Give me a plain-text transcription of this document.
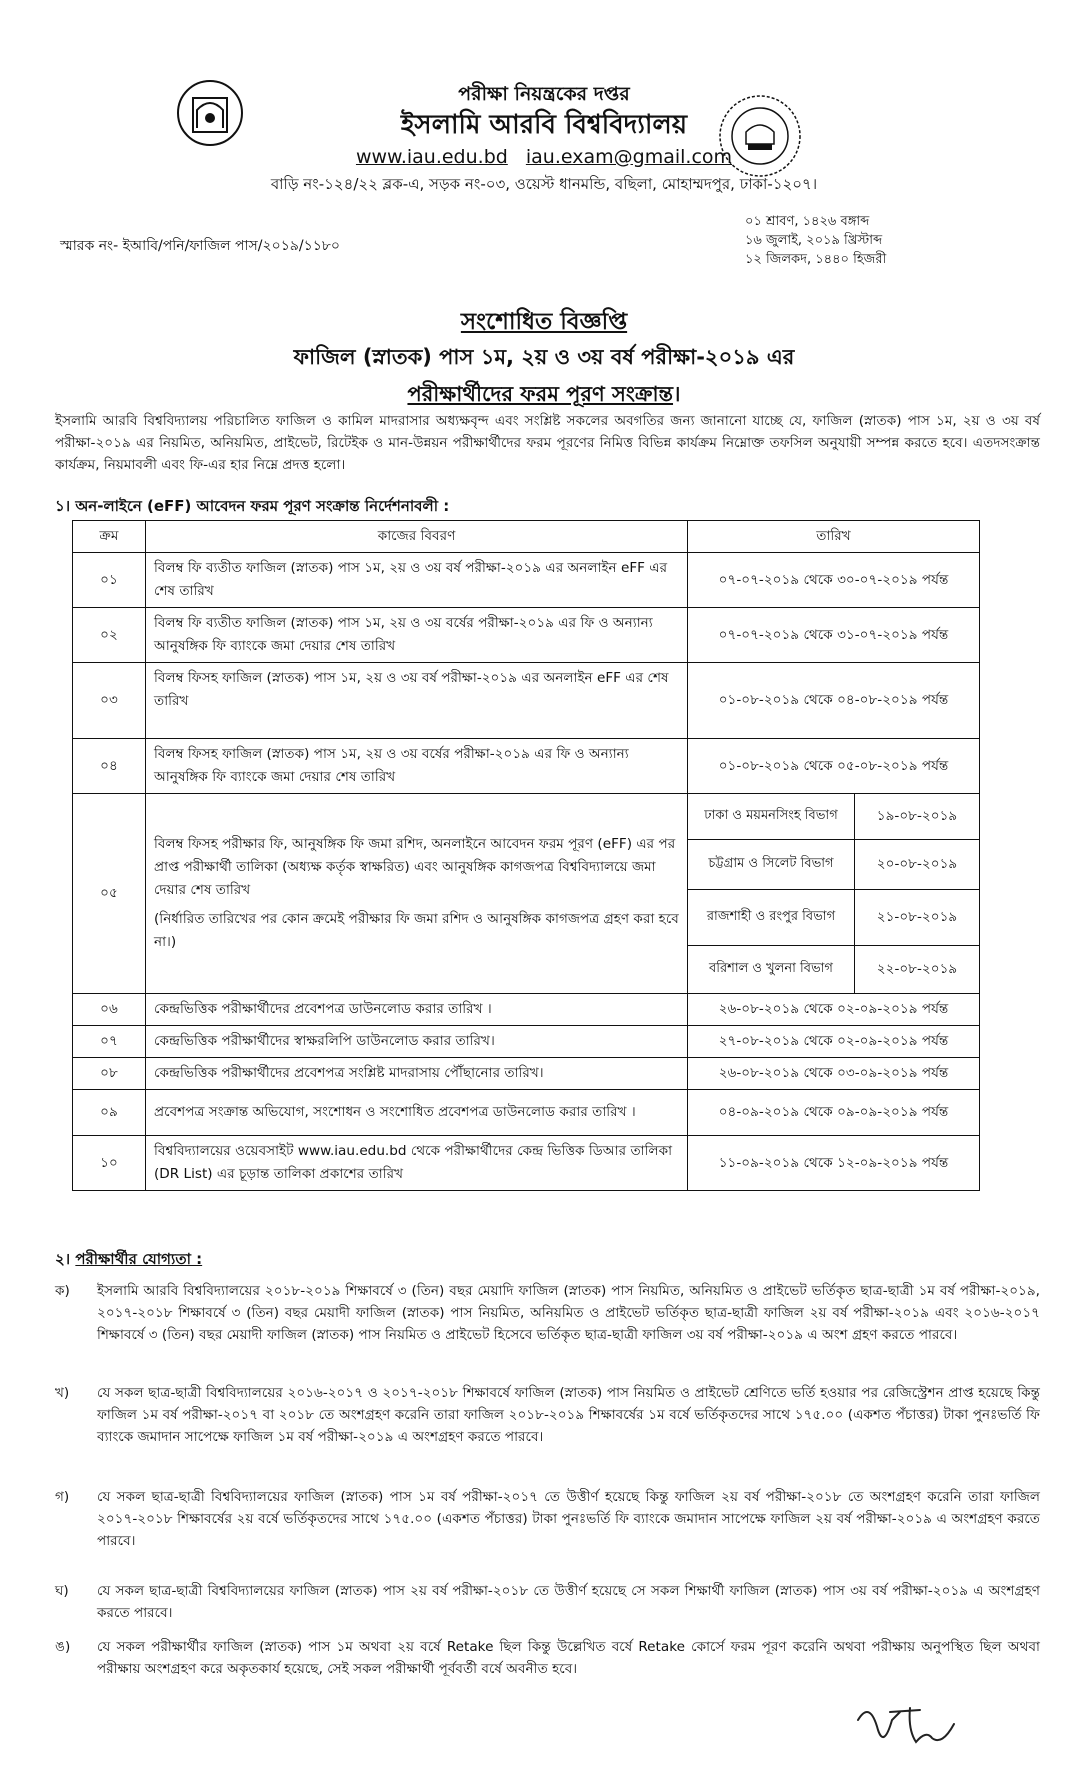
পরীক্ষা নিয়ন্ত্রকের দপ্তর
ইসলামি আরবি বিশ্ববিদ্যালয়
www.iau.edu.bd iau.exam@gmail.com
বাড়ি নং-১২৪/২২ ব্লক-এ, সড়ক নং-০৩, ওয়েস্ট ধানমন্ডি, বছিলা, মোহাম্মদপুর, ঢাকা-১২০৭।
স্মারক নং- ইআবি/পনি/ফাজিল পাস/২০১৯/১১৮০
০১ শ্রাবণ, ১৪২৬ বঙ্গাব্দ
১৬ জুলাই, ২০১৯ খ্রিস্টাব্দ
১২ জিলকদ, ১৪৪০ হিজরী
সংশোধিত বিজ্ঞপ্তি
ফাজিল (স্নাতক) পাস ১ম, ২য় ও ৩য় বর্ষ পরীক্ষা-২০১৯ এর
পরীক্ষার্থীদের ফরম পূরণ সংক্রান্ত।
ইসলামি আরবি বিশ্ববিদ্যালয় পরিচালিত ফাজিল ও কামিল মাদরাসার অধ্যক্ষবৃন্দ এবং সংশ্লিষ্ট সকলের অবগতির জন্য জানানো যাচ্ছে যে, ফাজিল (স্নাতক) পাস ১ম, ২য় ও ৩য় বর্ষ পরীক্ষা-২০১৯ এর নিয়মিত, অনিয়মিত, প্রাইভেট, রিটেইক ও মান-উন্নয়ন পরীক্ষার্থীদের ফরম পূরণের নিমিত্ত বিভিন্ন কার্যক্রম নিম্নোক্ত তফসিল অনুযায়ী সম্পন্ন করতে হবে। এতদসংক্রান্ত কার্যক্রম, নিয়মাবলী এবং ফি-এর হার নিম্নে প্রদত্ত হলো।
১। অন-লাইনে (eFF) আবেদন ফরম পূরণ সংক্রান্ত নির্দেশনাবলী :
ক্রম	কাজের বিবরণ	তারিখ	
০১	বিলম্ব ফি ব্যতীত ফাজিল (স্নাতক) পাস ১ম, ২য় ও ৩য় বর্ষ পরীক্ষা-২০১৯ এর অনলাইন eFF এর শেষ তারিখ	০৭-০৭-২০১৯ থেকে ৩০-০৭-২০১৯ পর্যন্ত	
০২	বিলম্ব ফি ব্যতীত ফাজিল (স্নাতক) পাস ১ম, ২য় ও ৩য় বর্ষের পরীক্ষা-২০১৯ এর ফি ও অন্যান্য আনুষঙ্গিক ফি ব্যাংকে জমা দেয়ার শেষ তারিখ	০৭-০৭-২০১৯ থেকে ৩১-০৭-২০১৯ পর্যন্ত	
০৩	বিলম্ব ফিসহ ফাজিল (স্নাতক) পাস ১ম, ২য় ও ৩য় বর্ষ পরীক্ষা-২০১৯ এর অনলাইন eFF এর শেষ তারিখ	০১-০৮-২০১৯ থেকে ০৪-০৮-২০১৯ পর্যন্ত	
০৪	বিলম্ব ফিসহ ফাজিল (স্নাতক) পাস ১ম, ২য় ও ৩য় বর্ষের পরীক্ষা-২০১৯ এর ফি ও অন্যান্য আনুষঙ্গিক ফি ব্যাংকে জমা দেয়ার শেষ তারিখ	০১-০৮-২০১৯ থেকে ০৫-০৮-২০১৯ পর্যন্ত	
০৫	বিলম্ব ফিসহ পরীক্ষার ফি, আনুষঙ্গিক ফি জমা রশিদ, অনলাইনে আবেদন ফরম পূরণ (eFF) এর পর প্রাপ্ত পরীক্ষার্থী তালিকা (অধ্যক্ষ কর্তৃক স্বাক্ষরিত) এবং আনুষঙ্গিক কাগজপত্র বিশ্ববিদ্যালয়ে জমা দেয়ার শেষ তারিখ
(নির্ধারিত তারিখের পর কোন ক্রমেই পরীক্ষার ফি জমা রশিদ ও আনুষঙ্গিক কাগজপত্র গ্রহণ করা হবে না।)	ঢাকা ও ময়মনসিংহ বিভাগ	১৯-০৮-২০১৯
		চট্টগ্রাম ও সিলেট বিভাগ	২০-০৮-২০১৯
		রাজশাহী ও রংপুর বিভাগ	২১-০৮-২০১৯
		বরিশাল ও খুলনা বিভাগ	২২-০৮-২০১৯
০৬	কেন্দ্রভিত্তিক পরীক্ষার্থীদের প্রবেশপত্র ডাউনলোড করার তারিখ ।	২৬-০৮-২০১৯ থেকে ০২-০৯-২০১৯ পর্যন্ত	
০৭	কেন্দ্রভিত্তিক পরীক্ষার্থীদের স্বাক্ষরলিপি ডাউনলোড করার তারিখ।	২৭-০৮-২০১৯ থেকে ০২-০৯-২০১৯ পর্যন্ত	
০৮	কেন্দ্রভিত্তিক পরীক্ষার্থীদের প্রবেশপত্র সংশ্লিষ্ট মাদরাসায় পৌঁছানোর তারিখ।	২৬-০৮-২০১৯ থেকে ০৩-০৯-২০১৯ পর্যন্ত	
০৯	প্রবেশপত্র সংক্রান্ত অভিযোগ, সংশোধন ও সংশোধিত প্রবেশপত্র ডাউনলোড করার তারিখ ।	০৪-০৯-২০১৯ থেকে ০৯-০৯-২০১৯ পর্যন্ত	
১০	বিশ্ববিদ্যালয়ের ওয়েবসাইট www.iau.edu.bd থেকে পরীক্ষার্থীদের কেন্দ্র ভিত্তিক ডিআর তালিকা (DR List) এর চূড়ান্ত তালিকা প্রকাশের তারিখ	১১-০৯-২০১৯ থেকে ১২-০৯-২০১৯ পর্যন্ত	
২। পরীক্ষার্থীর যোগ্যতা :
ক) ইসলামি আরবি বিশ্ববিদ্যালয়ের ২০১৮-২০১৯ শিক্ষাবর্ষে ৩ (তিন) বছর মেয়াদি ফাজিল (স্নাতক) পাস নিয়মিত, অনিয়মিত ও প্রাইভেট ভর্তিকৃত ছাত্র-ছাত্রী ১ম বর্ষ পরীক্ষা-২০১৯, ২০১৭-২০১৮ শিক্ষাবর্ষে ৩ (তিন) বছর মেয়াদী ফাজিল (স্নাতক) পাস নিয়মিত, অনিয়মিত ও প্রাইভেট ভর্তিকৃত ছাত্র-ছাত্রী ফাজিল ২য় বর্ষ পরীক্ষা-২০১৯ এবং ২০১৬-২০১৭ শিক্ষাবর্ষে ৩ (তিন) বছর মেয়াদী ফাজিল (স্নাতক) পাস নিয়মিত ও প্রাইভেট হিসেবে ভর্তিকৃত ছাত্র-ছাত্রী ফাজিল ৩য় বর্ষ পরীক্ষা-২০১৯ এ অংশ গ্রহণ করতে পারবে।
খ) যে সকল ছাত্র-ছাত্রী বিশ্ববিদ্যালয়ের ২০১৬-২০১৭ ও ২০১৭-২০১৮ শিক্ষাবর্ষে ফাজিল (স্নাতক) পাস নিয়মিত ও প্রাইভেট শ্রেণিতে ভর্তি হওয়ার পর রেজিস্ট্রেশন প্রাপ্ত হয়েছে কিন্তু ফাজিল ১ম বর্ষ পরীক্ষা-২০১৭ বা ২০১৮ তে অংশগ্রহণ করেনি তারা ফাজিল ২০১৮-২০১৯ শিক্ষাবর্ষের ১ম বর্ষে ভর্তিকৃতদের সাথে ১৭৫.০০ (একশত পঁচাত্তর) টাকা পুনঃভর্তি ফি ব্যাংকে জমাদান সাপেক্ষে ফাজিল ১ম বর্ষ পরীক্ষা-২০১৯ এ অংশগ্রহণ করতে পারবে।
গ) যে সকল ছাত্র-ছাত্রী বিশ্ববিদ্যালয়ের ফাজিল (স্নাতক) পাস ১ম বর্ষ পরীক্ষা-২০১৭ তে উত্তীর্ণ হয়েছে কিন্তু ফাজিল ২য় বর্ষ পরীক্ষা-২০১৮ তে অংশগ্রহণ করেনি তারা ফাজিল ২০১৭-২০১৮ শিক্ষাবর্ষের ২য় বর্ষে ভর্তিকৃতদের সাথে ১৭৫.০০ (একশত পঁচাত্তর) টাকা পুনঃভর্তি ফি ব্যাংকে জমাদান সাপেক্ষে ফাজিল ২য় বর্ষ পরীক্ষা-২০১৯ এ অংশগ্রহণ করতে পারবে।
ঘ) যে সকল ছাত্র-ছাত্রী বিশ্ববিদ্যালয়ের ফাজিল (স্নাতক) পাস ২য় বর্ষ পরীক্ষা-২০১৮ তে উত্তীর্ণ হয়েছে সে সকল শিক্ষার্থী ফাজিল (স্নাতক) পাস ৩য় বর্ষ পরীক্ষা-২০১৯ এ অংশগ্রহণ করতে পারবে।
ঙ) যে সকল পরীক্ষার্থীর ফাজিল (স্নাতক) পাস ১ম অথবা ২য় বর্ষে Retake ছিল কিন্তু উল্লেখিত বর্ষে Retake কোর্সে ফরম পূরণ করেনি অথবা পরীক্ষায় অনুপস্থিত ছিল অথবা পরীক্ষায় অংশগ্রহণ করে অকৃতকার্য হয়েছে, সেই সকল পরীক্ষার্থী পূর্ববর্তী বর্ষে অবনীত হবে।
